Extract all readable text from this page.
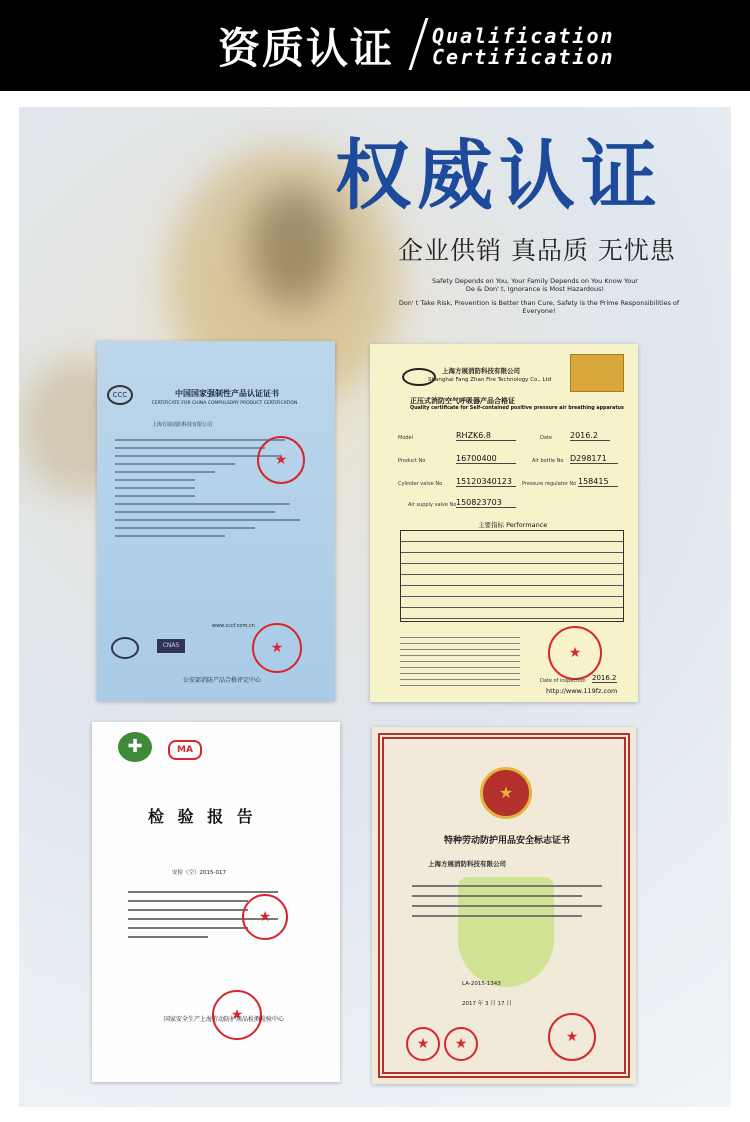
资质认证 Qualification
Certification
权威认证
企业供销 真品质 无忧患
Safety Depends on You, Your Family Depends on You Know Your De & Don' t, Ignorance is Most Hazardous!
Don' t Take Risk, Prevention is Better than Cure, Safety is the Prime Responsibilities of Everyone!
CCC	中国国家强制性产品认证证书
CERTIFICATE FOR CHINA COMPULSORY PRODUCT CERTIFICATION
上海方展消防科技有限公司
★
www.cccf.com.cn
CNAS
★
公安部消防产品合格评定中心
上海方展消防科技有限公司
Shanghai Fang Zhan Fire Technology Co., Ltd
正压式消防空气呼吸器产品合格证
Quality certificate for Self-contained positive pressure air breathing apparatus
Model	RHZK6.8	Date 2016.2
Product No	16700400	Air bottle No D298171
Cylinder valve No 15120340123	Pressure regulator No 158415
Air supply valve No 150823703
主要指标 Performance
★
Date of inspection 2016.2
http://www.119fz.com
✚	MA
检 验 报 告
安检（空）2015-017
★
★
国家安全生产上海劳动防护用品检测检验中心
★
特种劳动防护用品安全标志证书
上海方展消防科技有限公司
LA-2015-1343
2017 年 3 月 17 日
★
★
★
